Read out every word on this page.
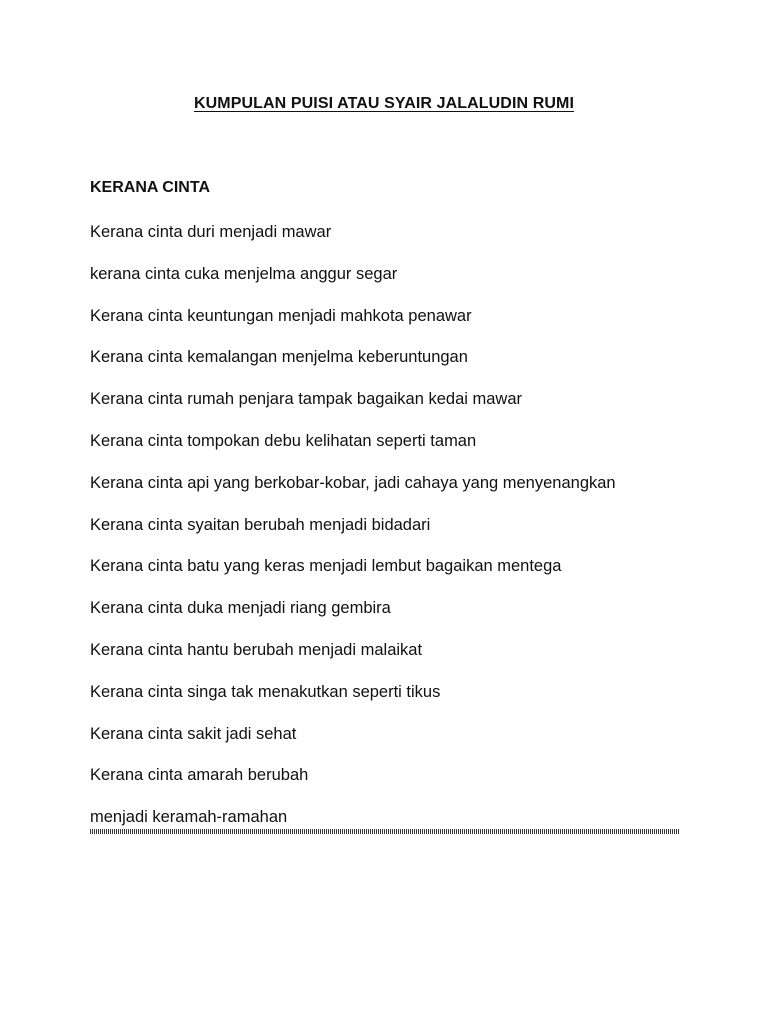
KUMPULAN PUISI ATAU SYAIR JALALUDIN RUMI
KERANA CINTA
Kerana cinta duri menjadi mawar
kerana cinta cuka menjelma anggur segar
Kerana cinta keuntungan menjadi mahkota penawar
Kerana cinta kemalangan menjelma keberuntungan
Kerana cinta rumah penjara tampak bagaikan kedai mawar
Kerana cinta tompokan debu kelihatan seperti taman
Kerana cinta api yang berkobar-kobar, jadi cahaya yang menyenangkan
Kerana cinta syaitan berubah menjadi bidadari
Kerana cinta batu yang keras menjadi lembut bagaikan mentega
Kerana cinta duka menjadi riang gembira
Kerana cinta hantu berubah menjadi malaikat
Kerana cinta singa tak menakutkan seperti tikus
Kerana cinta sakit jadi sehat
Kerana cinta amarah berubah
menjadi keramah-ramahan
